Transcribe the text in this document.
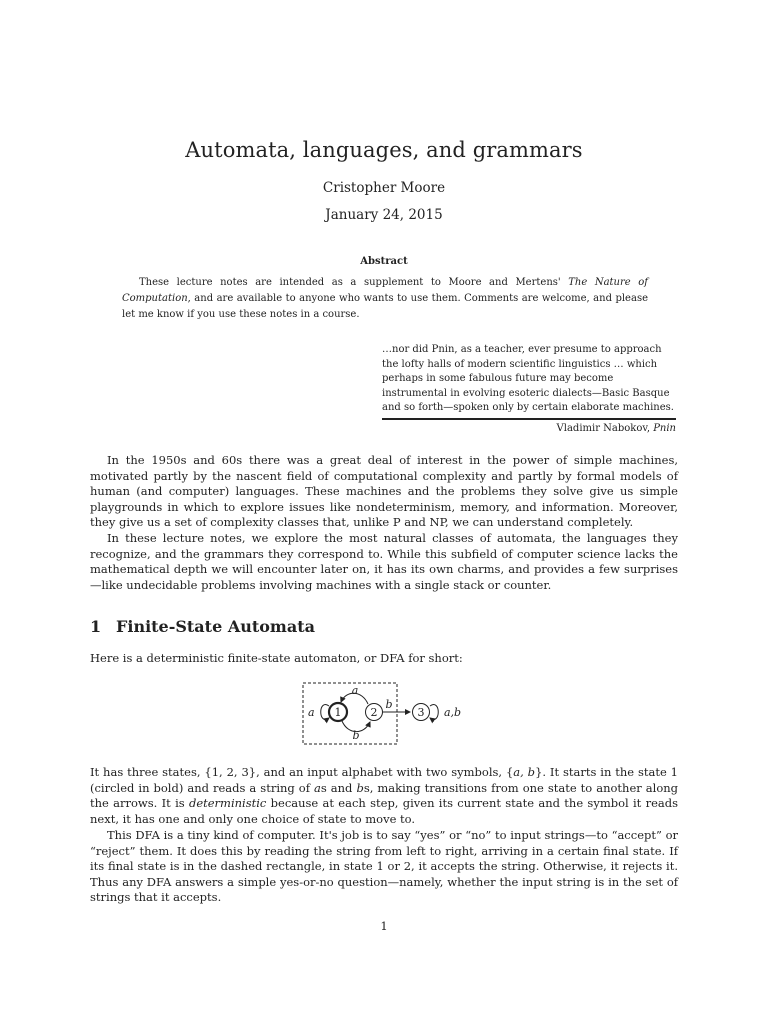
Automata, languages, and grammars
Cristopher Moore
January 24, 2015
Abstract
These lecture notes are intended as a supplement to Moore and Mertens' The Nature of Computation, and are available to anyone who wants to use them. Comments are welcome, and please let me know if you use these notes in a course.
…nor did Pnin, as a teacher, ever presume to approach the lofty halls of modern scientific linguistics … which perhaps in some fabulous future may become instrumental in evolving esoteric dialects—Basic Basque and so forth—spoken only by certain elaborate machines.
Vladimir Nabokov, Pnin

In the 1950s and 60s there was a great deal of interest in the power of simple machines, motivated partly by the nascent field of computational complexity and partly by formal models of human (and computer) languages. These machines and the problems they solve give us simple playgrounds in which to explore issues like nondeterminism, memory, and information. Moreover, they give us a set of complexity classes that, unlike P and NP, we can understand completely.

In these lecture notes, we explore the most natural classes of automata, the languages they recognize, and the grammars they correspond to. While this subfield of computer science lacks the mathematical depth we will encounter later on, it has its own charms, and provides a few surprises—like undecidable problems involving machines with a single stack or counter.

1 Finite-State Automata

Here is a deterministic finite-state automaton, or DFA for short:

a 1	2
a
b
b
3 a,b

It has three states, {1, 2, 3}, and an input alphabet with two symbols, {a, b}. It starts in the state 1 (circled in bold) and reads a string of as and bs, making transitions from one state to another along the arrows. It is deterministic because at each step, given its current state and the symbol it reads next, it has one and only one choice of state to move to.

This DFA is a tiny kind of computer. It's job is to say “yes” or “no” to input strings—to “accept” or “reject” them. It does this by reading the string from left to right, arriving in a certain final state. If its final state is in the dashed rectangle, in state 1 or 2, it accepts the string. Otherwise, it rejects it. Thus any DFA answers a simple yes-or-no question—namely, whether the input string is in the set of strings that it accepts.

1
